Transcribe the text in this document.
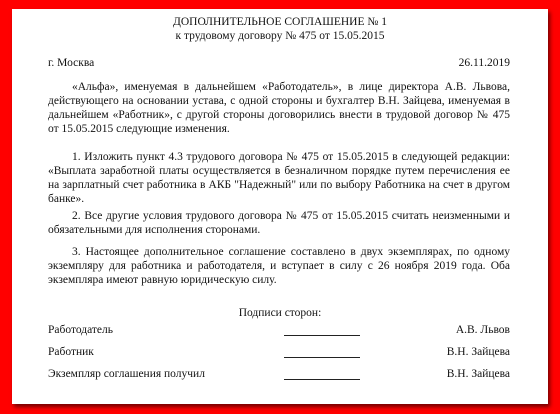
ДОПОЛНИТЕЛЬНОЕ СОГЛАШЕНИЕ № 1
к трудовому договору № 475 от 15.05.2015
г. Москва	26.11.2019

«Альфа», именуемая в дальнейшем «Работодатель», в лице директора А.В. Львова, действующего на основании устава, с одной стороны и бухгалтер В.Н. Зайцева, именуемая в дальнейшем «Работник», с другой стороны договорились внести в трудовой договор № 475 от 15.05.2015 следующие изменения.

1. Изложить пункт 4.3 трудового договора № 475 от 15.05.2015 в следующей редакции: «Выплата заработной платы осуществляется в безналичном порядке путем перечисления ее на зарплатный счет работника в АКБ "Надежный" или по выбору Работника на счет в другом банке».

2. Все другие условия трудового договора № 475 от 15.05.2015 считать неизменными и обязательными для исполнения сторонами.

3. Настоящее дополнительное соглашение составлено в двух экземплярах, по одному экземпляру для работника и работодателя, и вступает в силу с 26 ноября 2019 года. Оба экземпляра имеют равную юридическую силу.

Подписи сторон:
Работодатель	А.В. Львов
Работник	В.Н. Зайцева
Экземпляр соглашения получил	В.Н. Зайцева
